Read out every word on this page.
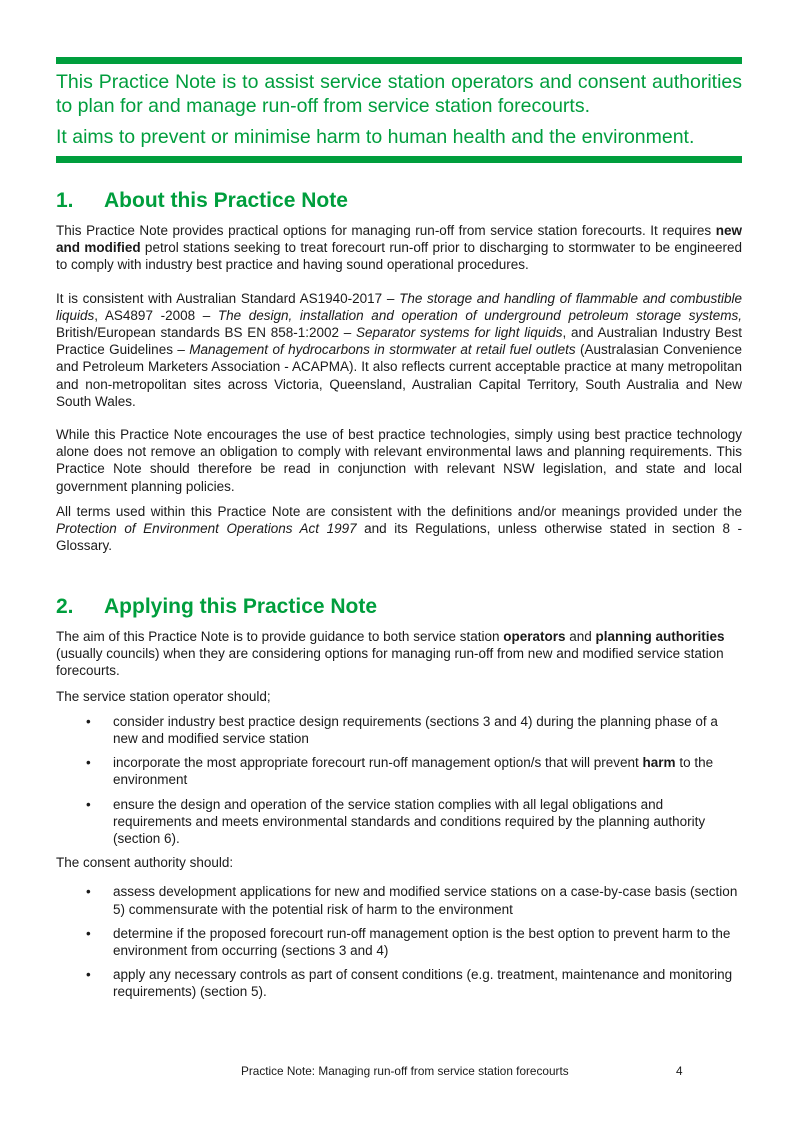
This Practice Note is to assist service station operators and consent authorities to plan for and manage run-off from service station forecourts.

It aims to prevent or minimise harm to human health and the environment.

1. About this Practice Note

This Practice Note provides practical options for managing run-off from service station forecourts. It requires new and modified petrol stations seeking to treat forecourt run-off prior to discharging to stormwater to be engineered to comply with industry best practice and having sound operational procedures.

It is consistent with Australian Standard AS1940-2017 – The storage and handling of flammable and combustible liquids, AS4897 -2008 – The design, installation and operation of underground petroleum storage systems, British/European standards BS EN 858-1:2002 – Separator systems for light liquids, and Australian Industry Best Practice Guidelines – Management of hydrocarbons in stormwater at retail fuel outlets (Australasian Convenience and Petroleum Marketers Association - ACAPMA). It also reflects current acceptable practice at many metropolitan and non-metropolitan sites across Victoria, Queensland, Australian Capital Territory, South Australia and New South Wales.

While this Practice Note encourages the use of best practice technologies, simply using best practice technology alone does not remove an obligation to comply with relevant environmental laws and planning requirements. This Practice Note should therefore be read in conjunction with relevant NSW legislation, and state and local government planning policies.

All terms used within this Practice Note are consistent with the definitions and/or meanings provided under the Protection of Environment Operations Act 1997 and its Regulations, unless otherwise stated in section 8 - Glossary.

2. Applying this Practice Note

The aim of this Practice Note is to provide guidance to both service station operators and planning authorities (usually councils) when they are considering options for managing run-off from new and modified service station forecourts.

The service station operator should;

• consider industry best practice design requirements (sections 3 and 4) during the planning phase of a new and modified service station
• incorporate the most appropriate forecourt run-off management option/s that will prevent harm to the environment
• ensure the design and operation of the service station complies with all legal obligations and requirements and meets environmental standards and conditions required by the planning authority (section 6).

The consent authority should:

• assess development applications for new and modified service stations on a case-by-case basis (section 5) commensurate with the potential risk of harm to the environment
• determine if the proposed forecourt run-off management option is the best option to prevent harm to the environment from occurring (sections 3 and 4)
• apply any necessary controls as part of consent conditions (e.g. treatment, maintenance and monitoring requirements) (section 5).
Practice Note: Managing run-off from service station forecourts	4
